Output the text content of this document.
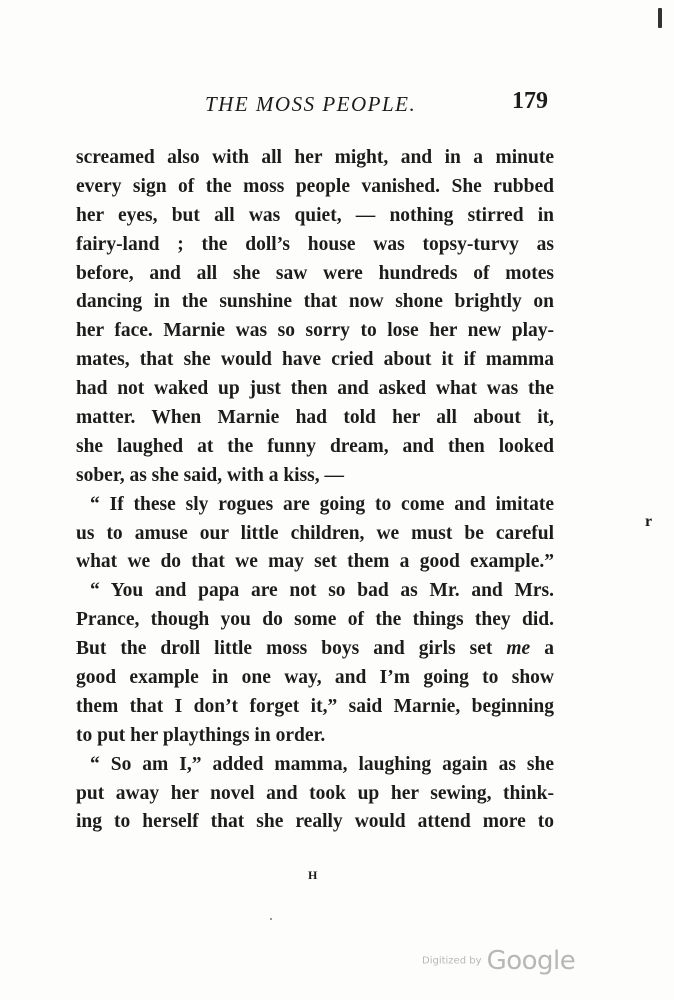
THE MOSS PEOPLE.	179
screamed also with all her might, and in a minute
every sign of the moss people vanished. She rubbed
her eyes, but all was quiet, — nothing stirred in
fairy-land ; the doll’s house was topsy-turvy as
before, and all she saw were hundreds of motes
dancing in the sunshine that now shone brightly on
her face. Marnie was so sorry to lose her new play-
mates, that she would have cried about it if mamma
had not waked up just then and asked what was the
matter. When Marnie had told her all about it,
she laughed at the funny dream, and then looked
sober, as she said, with a kiss, —
“ If these sly rogues are going to come and imitate
us to amuse our little children, we must be careful
what we do that we may set them a good example.”
“ You and papa are not so bad as Mr. and Mrs.
Prance, though you do some of the things they did.
But the droll little moss boys and girls set me a
good example in one way, and I’m going to show
them that I don’t forget it,” said Marnie, beginning
to put her playthings in order.
“ So am I,” added mamma, laughing again as she
put away her novel and took up her sewing, think-
ing to herself that she really would attend more to
r
H
Digitized by Google
